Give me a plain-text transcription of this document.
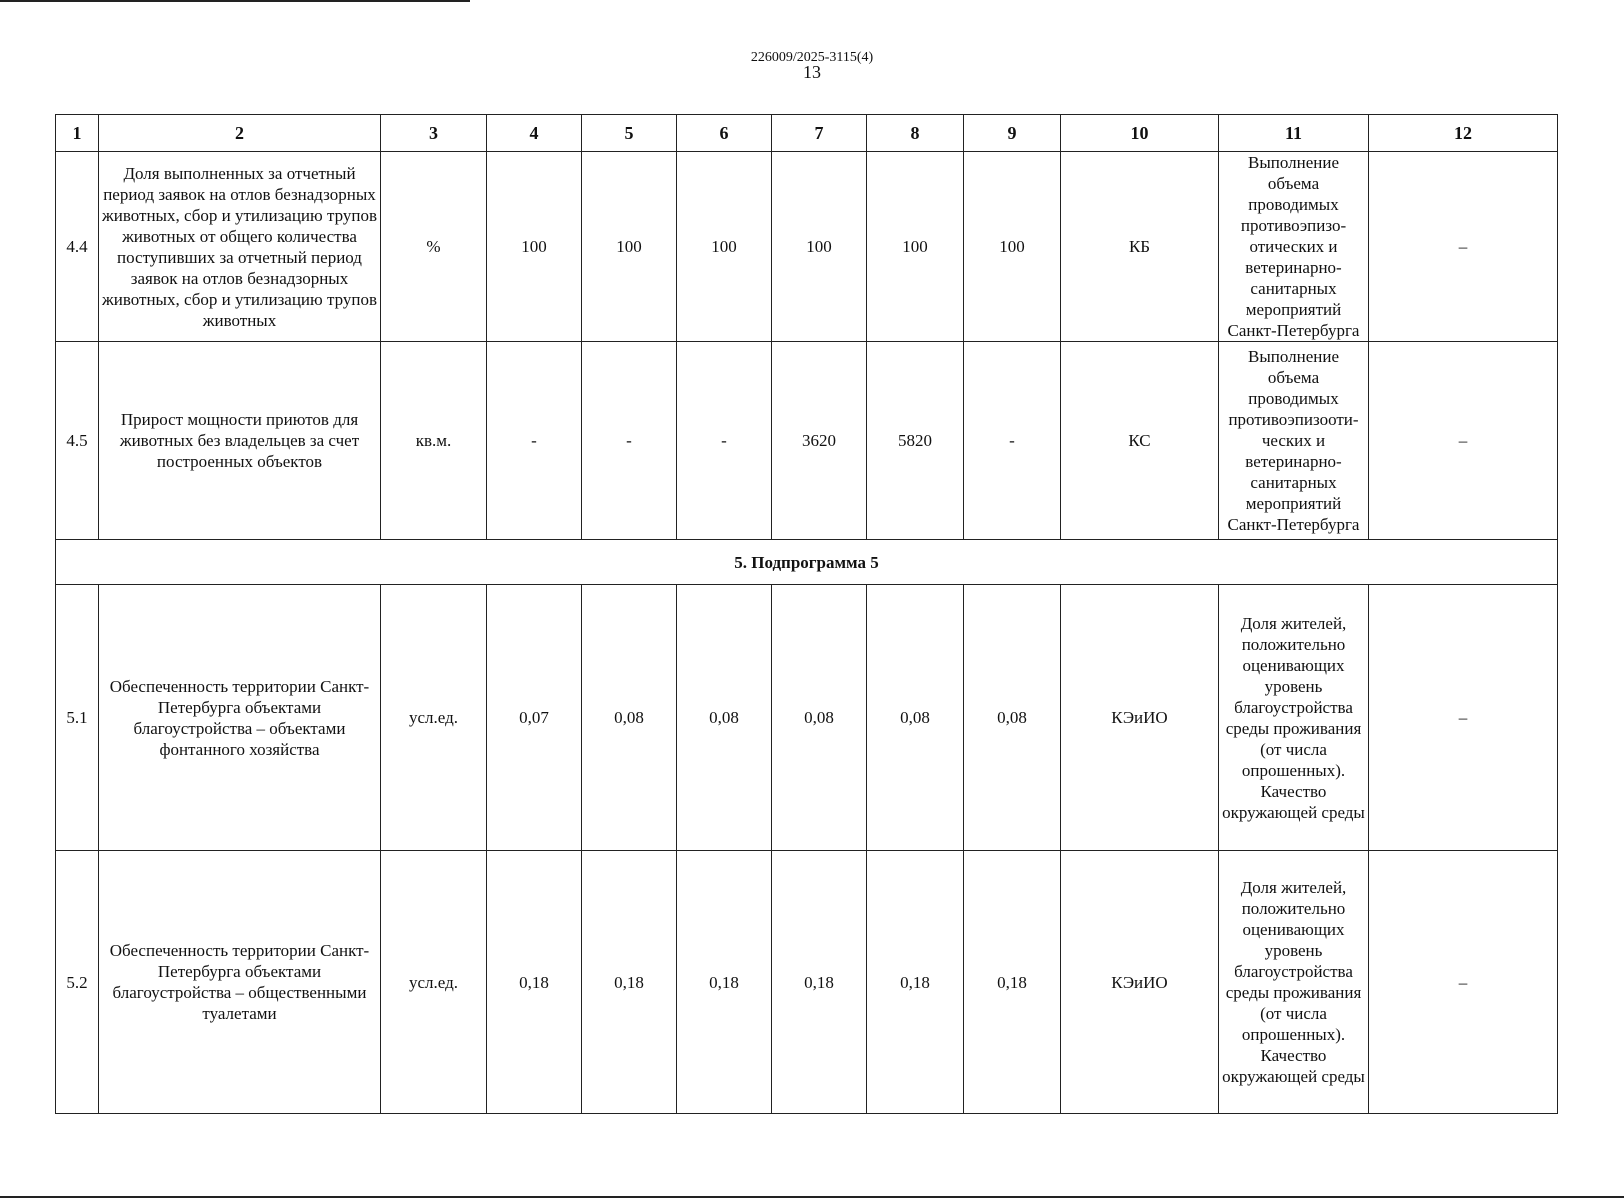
226009/2025-3115(4)
13
1	2	3	4	5	6	7	8	9	10	11	12
4.4	Доля выполненных за отчетный период заявок на отлов безнадзорных животных, сбор и утилизацию трупов животных от общего количества поступивших за отчетный период заявок на отлов безнадзорных животных, сбор и утилизацию трупов животных	%	100	100	100	100	100	100	КБ	Выполнение объема проводимых противоэпизо- отических и ветеринарно- санитарных мероприятий Санкт-Петербурга	–
4.5	Прирост мощности приютов для животных без владельцев за счет построенных объектов	кв.м.	-	-	-	3620	5820	-	КС	Выполнение объема проводимых противоэпизооти- ческих и ветеринарно- санитарных мероприятий Санкт-Петербурга	–
5. Подпрограмма 5											
5.1	Обеспеченность территории Санкт-Петербурга объектами благоустройства – объектами фонтанного хозяйства	усл.ед.	0,07	0,08	0,08	0,08	0,08	0,08	КЭиИО	Доля жителей, положительно оценивающих уровень благоустройства среды проживания (от числа опрошенных). Качество окружающей среды	–
5.2	Обеспеченность территории Санкт-Петербурга объектами благоустройства – общественными туалетами	усл.ед.	0,18	0,18	0,18	0,18	0,18	0,18	КЭиИО	Доля жителей, положительно оценивающих уровень благоустройства среды проживания (от числа опрошенных). Качество окружающей среды	–
